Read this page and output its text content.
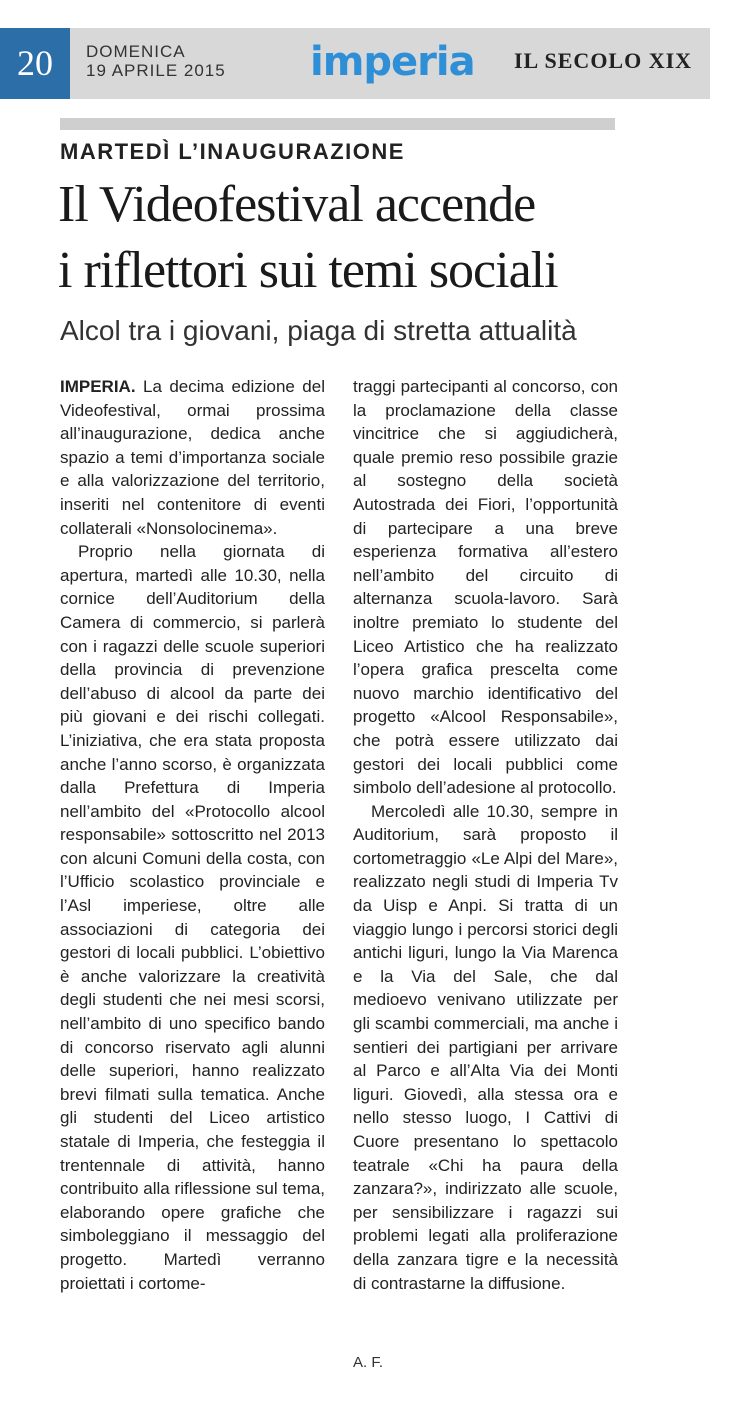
20	DOMENICA
19 APRILE 2015 imperia IL SECOLO XIX
MARTEDÌ L’INAUGURAZIONE
Il Videofestival accende
i riflettori sui temi sociali
Alcol tra i giovani, piaga di stretta attualità

IMPERIA. La decima edizione del Videofestival, ormai prossima all’inaugurazione, dedica anche spazio a temi d’importanza sociale e alla valorizzazione del territorio, inseriti nel contenitore di eventi collaterali «Nonsolocinema».

Proprio nella giornata di apertura, martedì alle 10.30, nella cornice dell’Auditorium della Camera di commercio, si parlerà con i ragazzi delle scuole superiori della provincia di prevenzione dell’abuso di alcool da parte dei più giovani e dei rischi collegati. L’iniziativa, che era stata proposta anche l’anno scorso, è organizzata dalla Prefettura di Imperia nell’ambito del «Protocollo alcool responsabile» sottoscritto nel 2013 con alcuni Comuni della costa, con l’Ufficio scolastico provinciale e l’Asl imperiese, oltre alle associazioni di categoria dei gestori di locali pubblici. L’obiettivo è anche valorizzare la creatività degli studenti che nei mesi scorsi, nell’ambito di uno specifico bando di concorso riservato agli alunni delle superiori, hanno realizzato brevi filmati sulla tematica. Anche gli studenti del Liceo artistico statale di Imperia, che festeggia il trentennale di attività, hanno contribuito alla riflessione sul tema, elaborando opere grafiche che simboleggiano il messaggio del progetto. Martedì verranno proiettati i cortome-

traggi partecipanti al concorso, con la proclamazione della classe vincitrice che si aggiudicherà, quale premio reso possibile grazie al sostegno della società Autostrada dei Fiori, l’opportunità di partecipare a una breve esperienza formativa all’estero nell’ambito del circuito di alternanza scuola-lavoro. Sarà inoltre premiato lo studente del Liceo Artistico che ha realizzato l’opera grafica prescelta come nuovo marchio identificativo del progetto «Alcool Responsabile», che potrà essere utilizzato dai gestori dei locali pubblici come simbolo dell’adesione al protocollo.

Mercoledì alle 10.30, sempre in Auditorium, sarà proposto il cortometraggio «Le Alpi del Mare», realizzato negli studi di Imperia Tv da Uisp e Anpi. Si tratta di un viaggio lungo i percorsi storici degli antichi liguri, lungo la Via Marenca e la Via del Sale, che dal medioevo venivano utilizzate per gli scambi commerciali, ma anche i sentieri dei partigiani per arrivare al Parco e all’Alta Via dei Monti liguri. Giovedì, alla stessa ora e nello stesso luogo, I Cattivi di Cuore presentano lo spettacolo teatrale «Chi ha paura della zanzara?», indirizzato alle scuole, per sensibilizzare i ragazzi sui problemi legati alla proliferazione della zanzara tigre e la necessità di contrastarne la diffusione.

A. F.
